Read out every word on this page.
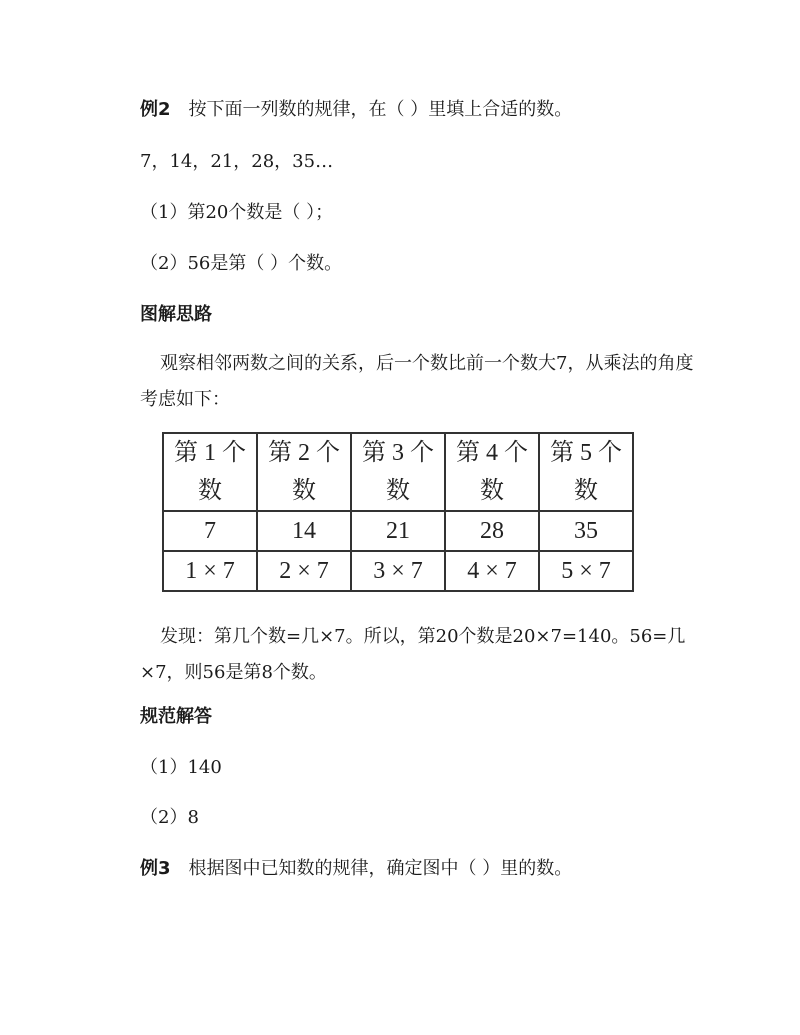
例2 按下面一列数的规律，在（ ）里填上合适的数。
7，14，21，28，35…
（1）第20个数是（ ）；
（2）56是第（ ）个数。
图解思路
观察相邻两数之间的关系，后一个数比前一个数大7，从乘法的角度考虑如下：
第 1 个 数	第 2 个 数	第 3 个 数	第 4 个 数	第 5 个 数
7	14	21	28	35
1 × 7	2 × 7	3 × 7	4 × 7	5 × 7
发现：第几个数=几×7。所以，第20个数是20×7=140。56=几×7，则56是第8个数。
规范解答
（1）140
（2）8
例3 根据图中已知数的规律，确定图中（ ）里的数。
